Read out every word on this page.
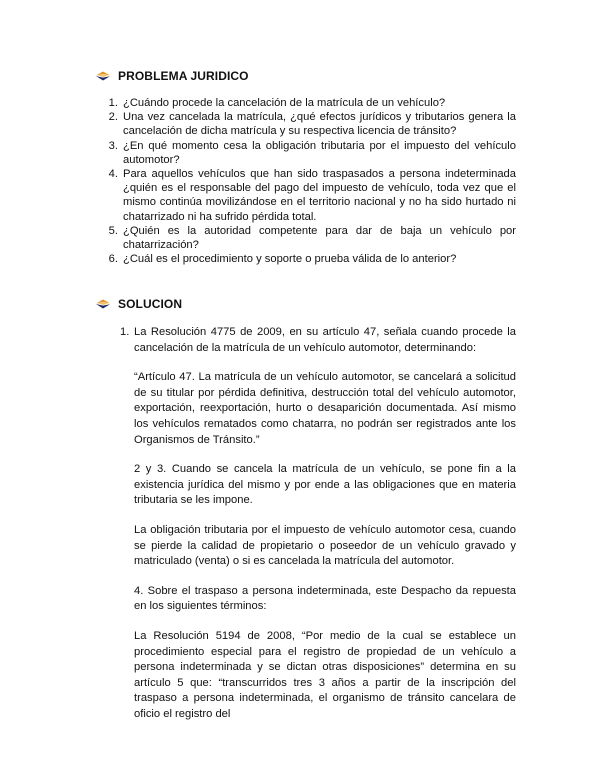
PROBLEMA JURIDICO
1. ¿Cuándo procede la cancelación de la matrícula de un vehículo?
2. Una vez cancelada la matrícula, ¿qué efectos jurídicos y tributarios genera la cancelación de dicha matrícula y su respectiva licencia de tránsito?
3. ¿En qué momento cesa la obligación tributaria por el impuesto del vehículo automotor?
4. Para aquellos vehículos que han sido traspasados a persona indeterminada ¿quién es el responsable del pago del impuesto de vehículo, toda vez que el mismo continúa movilizándose en el territorio nacional y no ha sido hurtado ni chatarrizado ni ha sufrido pérdida total.
5. ¿Quién es la autoridad competente para dar de baja un vehículo por chatarrización?
6. ¿Cuál es el procedimiento y soporte o prueba válida de lo anterior?
SOLUCION
1. La Resolución 4775 de 2009, en su artículo 47, señala cuando procede la cancelación de la matrícula de un vehículo automotor, determinando:

“Artículo 47. La matrícula de un vehículo automotor, se cancelará a solicitud de su titular por pérdida definitiva, destrucción total del vehículo automotor, exportación, reexportación, hurto o desaparición documentada. Así mismo los vehículos rematados como chatarra, no podrán ser registrados ante los Organismos de Tránsito.”

2 y 3. Cuando se cancela la matrícula de un vehículo, se pone fin a la existencia jurídica del mismo y por ende a las obligaciones que en materia tributaria se les impone.

La obligación tributaria por el impuesto de vehículo automotor cesa, cuando se pierde la calidad de propietario o poseedor de un vehículo gravado y matriculado (venta) o si es cancelada la matrícula del automotor.

4. Sobre el traspaso a persona indeterminada, este Despacho da repuesta en los siguientes términos:

La Resolución 5194 de 2008, “Por medio de la cual se establece un procedimiento especial para el registro de propiedad de un vehículo a persona indeterminada y se dictan otras disposiciones” determina en su artículo 5 que: “transcurridos tres 3 años a partir de la inscripción del traspaso a persona indeterminada, el organismo de tránsito cancelara de oficio el registro del
